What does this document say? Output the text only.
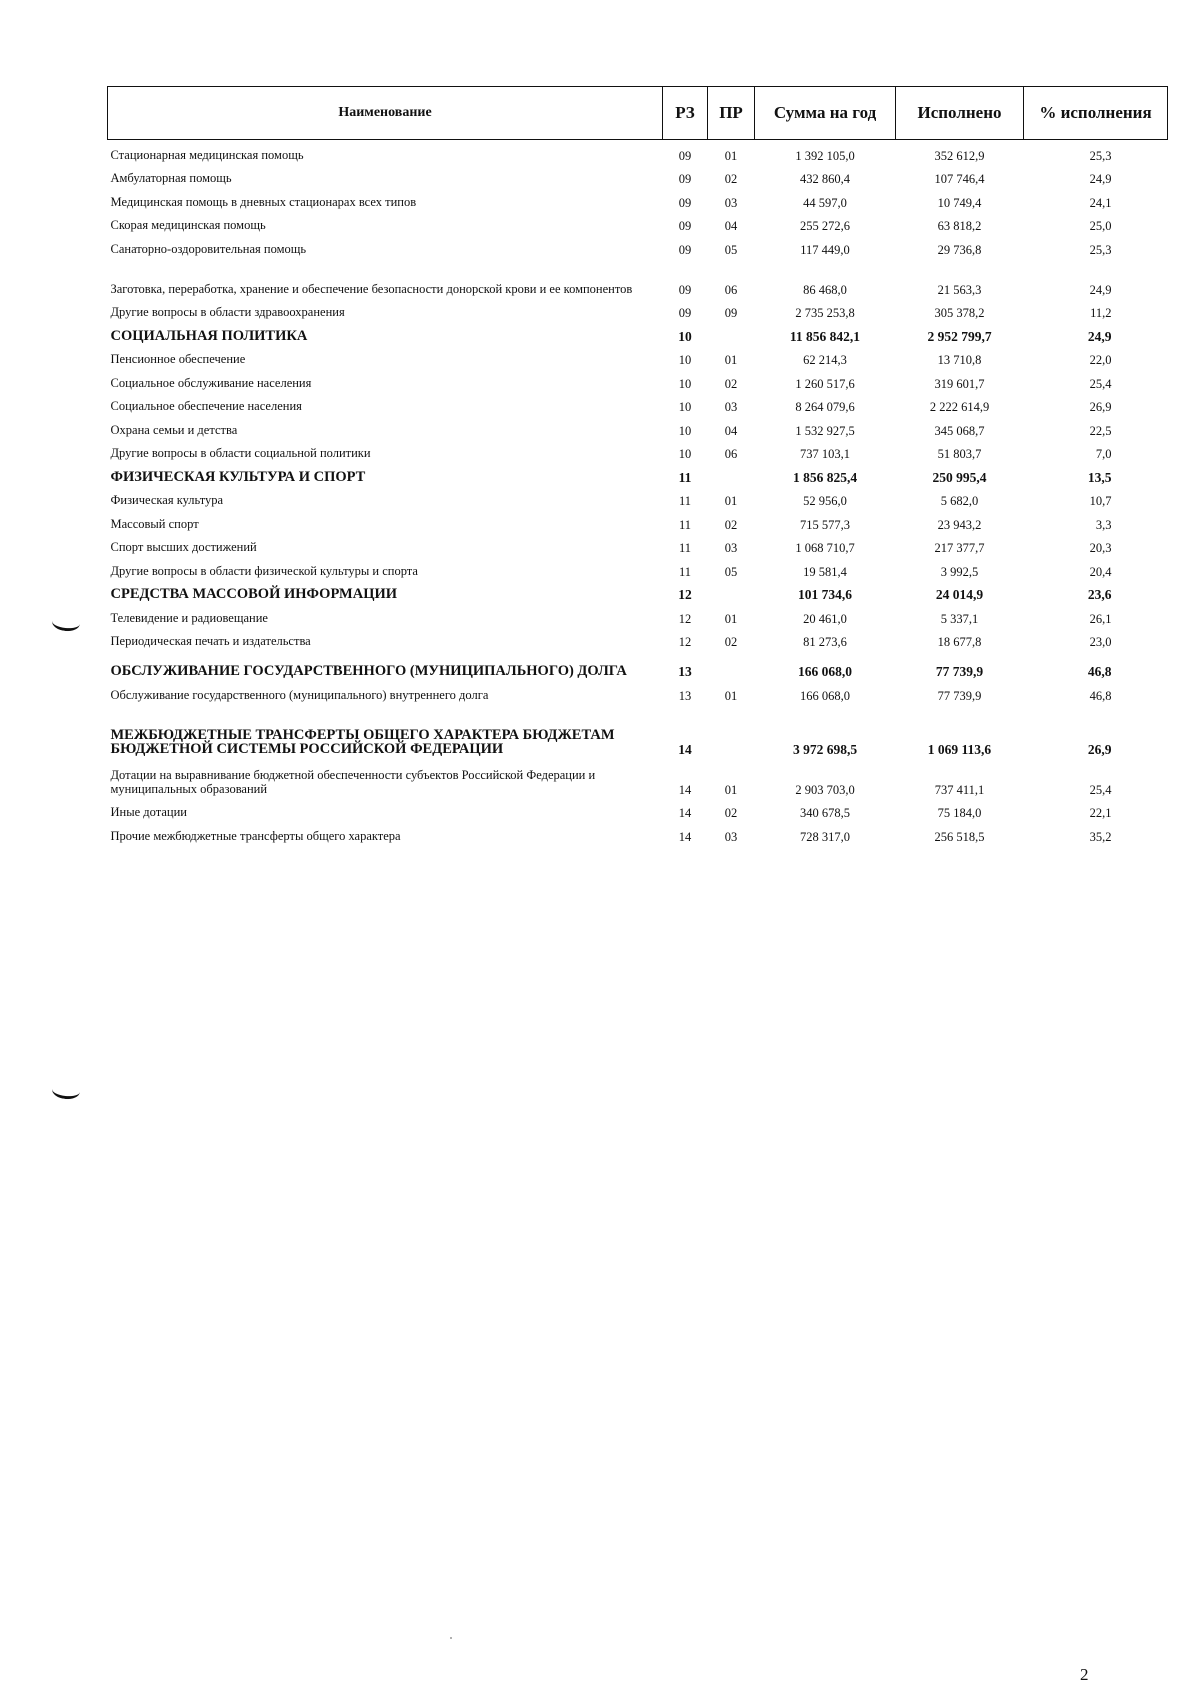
Наименование	РЗ	ПР	Сумма на год	Исполнено	% исполнения
Стационарная медицинская помощь	09	01	1 392 105,0	352 612,9	25,3
Амбулаторная помощь	09	02	432 860,4	107 746,4	24,9
Медицинская помощь в дневных стационарах всех типов	09	03	44 597,0	10 749,4	24,1
Скорая медицинская помощь	09	04	255 272,6	63 818,2	25,0
Санаторно-оздоровительная помощь	09	05	117 449,0	29 736,8	25,3
Заготовка, переработка, хранение и обеспечение безопасности донорской крови и ее компонентов	09	06	86 468,0	21 563,3	24,9
Другие вопросы в области здравоохранения	09	09	2 735 253,8	305 378,2	11,2
СОЦИАЛЬНАЯ ПОЛИТИКА	10		11 856 842,1	2 952 799,7	24,9
Пенсионное обеспечение	10	01	62 214,3	13 710,8	22,0
Социальное обслуживание населения	10	02	1 260 517,6	319 601,7	25,4
Социальное обеспечение населения	10	03	8 264 079,6	2 222 614,9	26,9
Охрана семьи и детства	10	04	1 532 927,5	345 068,7	22,5
Другие вопросы в области социальной политики	10	06	737 103,1	51 803,7	7,0
ФИЗИЧЕСКАЯ КУЛЬТУРА И СПОРТ	11		1 856 825,4	250 995,4	13,5
Физическая культура	11	01	52 956,0	5 682,0	10,7
Массовый спорт	11	02	715 577,3	23 943,2	3,3
Спорт высших достижений	11	03	1 068 710,7	217 377,7	20,3
Другие вопросы в области физической культуры и спорта	11	05	19 581,4	3 992,5	20,4
СРЕДСТВА МАССОВОЙ ИНФОРМАЦИИ	12		101 734,6	24 014,9	23,6
Телевидение и радиовещание	12	01	20 461,0	5 337,1	26,1
Периодическая печать и издательства	12	02	81 273,6	18 677,8	23,0
ОБСЛУЖИВАНИЕ ГОСУДАРСТВЕННОГО (МУНИЦИПАЛЬНОГО) ДОЛГА	13		166 068,0	77 739,9	46,8
Обслуживание государственного (муниципального) внутреннего долга	13	01	166 068,0	77 739,9	46,8
МЕЖБЮДЖЕТНЫЕ ТРАНСФЕРТЫ ОБЩЕГО ХАРАКТЕРА БЮДЖЕТАМ БЮДЖЕТНОЙ СИСТЕМЫ РОССИЙСКОЙ ФЕДЕРАЦИИ	14		3 972 698,5	1 069 113,6	26,9
Дотации на выравнивание бюджетной обеспеченности субъектов Российской Федерации и муниципальных образований	14	01	2 903 703,0	737 411,1	25,4
Иные дотации	14	02	340 678,5	75 184,0	22,1
Прочие межбюджетные трансферты общего характера	14	03	728 317,0	256 518,5	35,2
2
